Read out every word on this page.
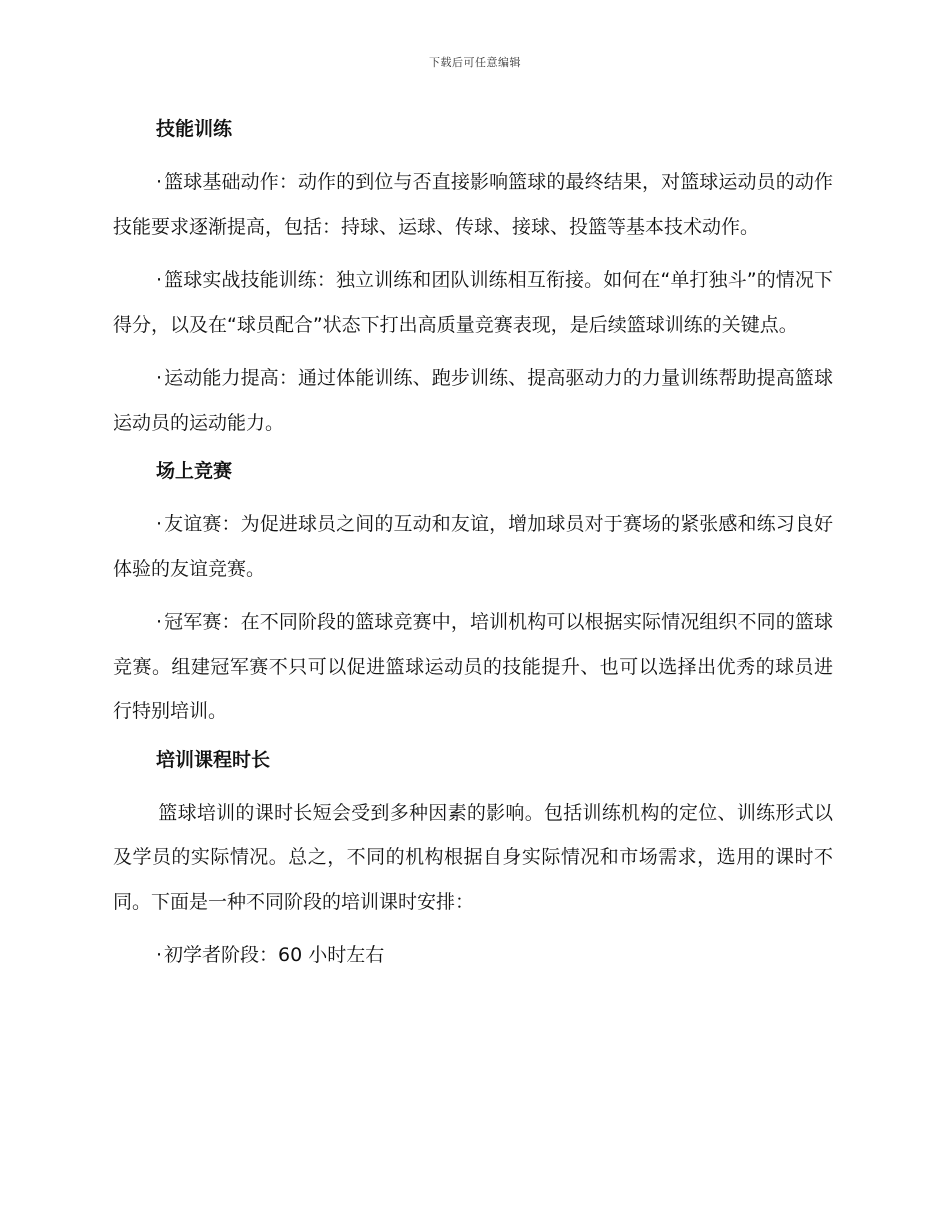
下载后可任意编辑
技能训练

· 篮球基础动作：动作的到位与否直接影响篮球的最终结果，对篮球运动员的动作技能要求逐渐提高，包括：持球、运球、传球、接球、投篮等基本技术动作。

· 篮球实战技能训练：独立训练和团队训练相互衔接。如何在“单打独斗”的情况下得分，以及在“球员配合”状态下打出高质量竞赛表现，是后续篮球训练的关键点。

· 运动能力提高：通过体能训练、跑步训练、提高驱动力的力量训练帮助提高篮球运动员的运动能力。

场上竞赛

· 友谊赛：为促进球员之间的互动和友谊，增加球员对于赛场的紧张感和练习良好体验的友谊竞赛。

· 冠军赛：在不同阶段的篮球竞赛中，培训机构可以根据实际情况组织不同的篮球竞赛。组建冠军赛不只可以促进篮球运动员的技能提升、也可以选择出优秀的球员进行特别培训。

培训课程时长

篮球培训的课时长短会受到多种因素的影响。包括训练机构的定位、训练形式以及学员的实际情况。总之，不同的机构根据自身实际情况和市场需求，选用的课时不同。下面是一种不同阶段的培训课时安排：

· 初学者阶段：60 小时左右
